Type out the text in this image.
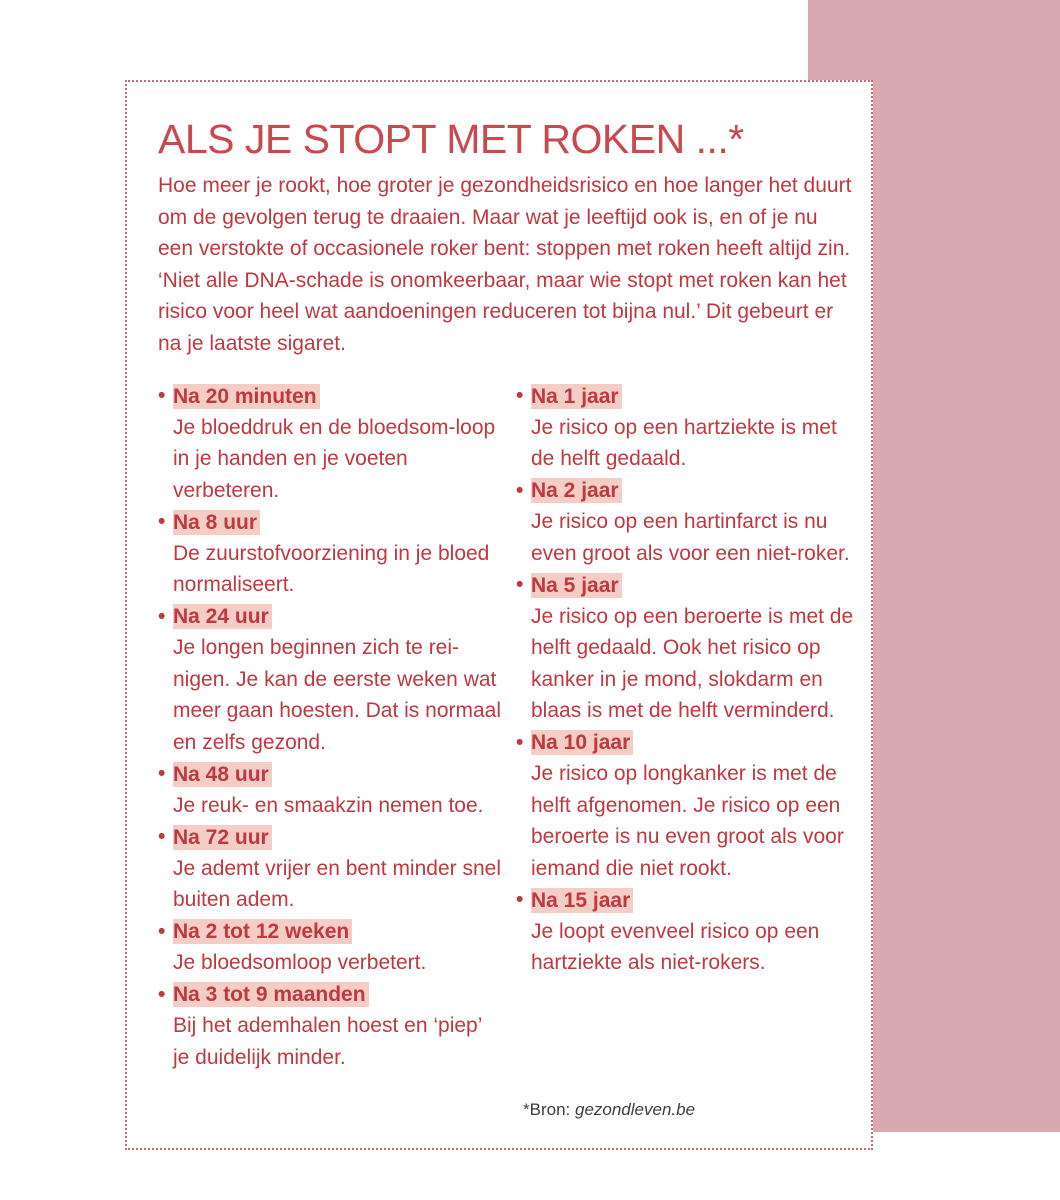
ALS JE STOPT MET ROKEN ...*

Hoe meer je rookt, hoe groter je gezondheidsrisico en hoe langer het duurt om de gevolgen terug te draaien. Maar wat je leeftijd ook is, en of je nu een verstokte of occasionele roker bent: stoppen met roken heeft altijd zin. ‘Niet alle DNA-schade is onomkeerbaar, maar wie stopt met roken kan het risico voor heel wat aandoeningen reduceren tot bijna nul.’ Dit gebeurt er na je laatste sigaret.

• Na 20 minuten

Je bloeddruk en de bloedsom-loop in je handen en je voeten verbeteren.

• Na 8 uur

De zuurstofvoorziening in je bloed normaliseert.

• Na 24 uur

Je longen beginnen zich te rei-nigen. Je kan de eerste weken wat meer gaan hoesten. Dat is normaal en zelfs gezond.

• Na 48 uur

Je reuk- en smaakzin nemen toe.

• Na 72 uur

Je ademt vrijer en bent minder snel buiten adem.

• Na 2 tot 12 weken

Je bloedsomloop verbetert.

• Na 3 tot 9 maanden

Bij het ademhalen hoest en ‘piep’ je duidelijk minder.

• Na 1 jaar

Je risico op een hartziekte is met de helft gedaald.

• Na 2 jaar

Je risico op een hartinfarct is nu even groot als voor een niet-roker.

• Na 5 jaar

Je risico op een beroerte is met de helft gedaald. Ook het risico op kanker in je mond, slokdarm en blaas is met de helft verminderd.

• Na 10 jaar

Je risico op longkanker is met de helft afgenomen. Je risico op een beroerte is nu even groot als voor iemand die niet rookt.

• Na 15 jaar

Je loopt evenveel risico op een hartziekte als niet-rokers.

*Bron: gezondleven.be
